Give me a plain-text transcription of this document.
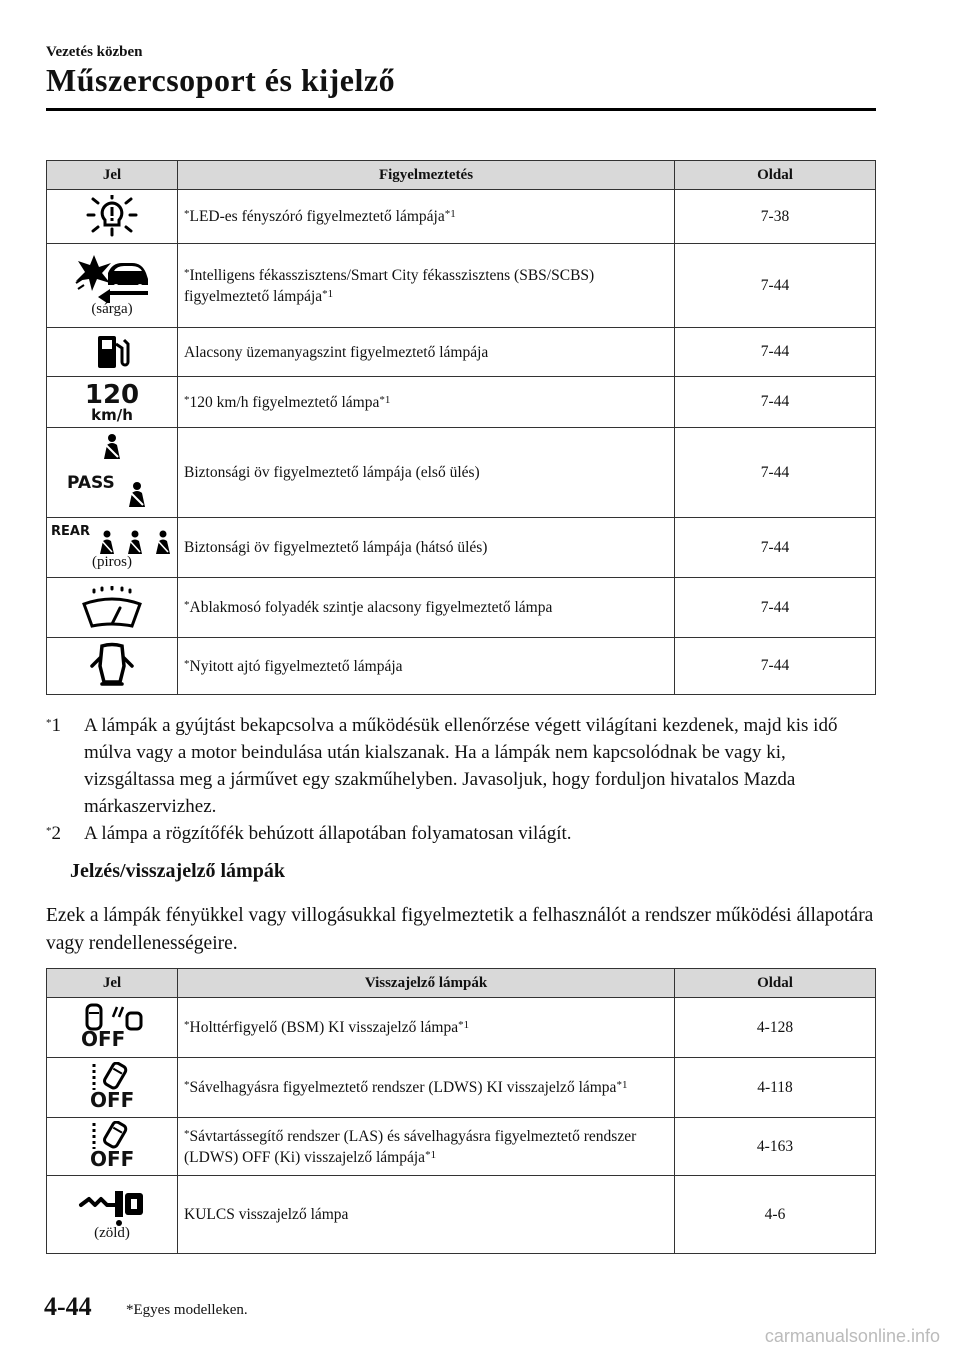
Vezetés közben
Műszercsoport és kijelző
Jel	Figyelmeztetés	Oldal

	*LED-es fényszóró figyelmeztető lámpája$^{*1}$	7-38

(sárga)	*Intelligens fékasszisztens/Smart City fékasszisztens (SBS/SCBS) figyelmeztető lámpája$^{*1}$	7-44

	Alacsony üzemanyagszint figyelmeztető lámpája	7-44

120
km/h	*120 km/h figyelmeztető lámpa$^{*1}$	7-44

PASS	Biztonsági öv figyelmeztető lámpája (első ülés)	7-44

REAR
(piros)	Biztonsági öv figyelmeztető lámpája (hátsó ülés)	7-44

	*Ablakmosó folyadék szintje alacsony figyelmeztető lámpa	7-44

	*Nyitott ajtó figyelmeztető lámpája	7-44
*1 A lámpák a gyújtást bekapcsolva a működésük ellenőrzése végett világítani kezdenek, majd kis idő múlva vagy a motor beindulása után kialszanak. Ha a lámpák nem kapcsolódnak be vagy ki, vizsgáltassa meg a járművet egy szakműhelyben. Javasoljuk, hogy forduljon hivatalos Mazda márkaszervizhez.
*2 A lámpa a rögzítőfék behúzott állapotában folyamatosan világít.
Jelzés/visszajelző lámpák
Ezek a lámpák fényükkel vagy villogásukkal figyelmeztetik a felhasználót a rendszer működési állapotára vagy rendellenességeire.
Jel	Visszajelző lámpák	Oldal

OFF	*Holttérfigyelő (BSM) KI visszajelző lámpa$^{*1}$	4-128

OFF	*Sávelhagyásra figyelmeztető rendszer (LDWS) KI visszajelző lámpa$^{*1}$	4-118

OFF	*Sávtartássegítő rendszer (LAS) és sávelhagyásra figyelmeztető rendszer (LDWS) OFF (Ki) visszajelző lámpája$^{*1}$	4-163

(zöld)	KULCS visszajelző lámpa	4-6
4-44 *Egyes modelleken.
carmanualsonline.info
